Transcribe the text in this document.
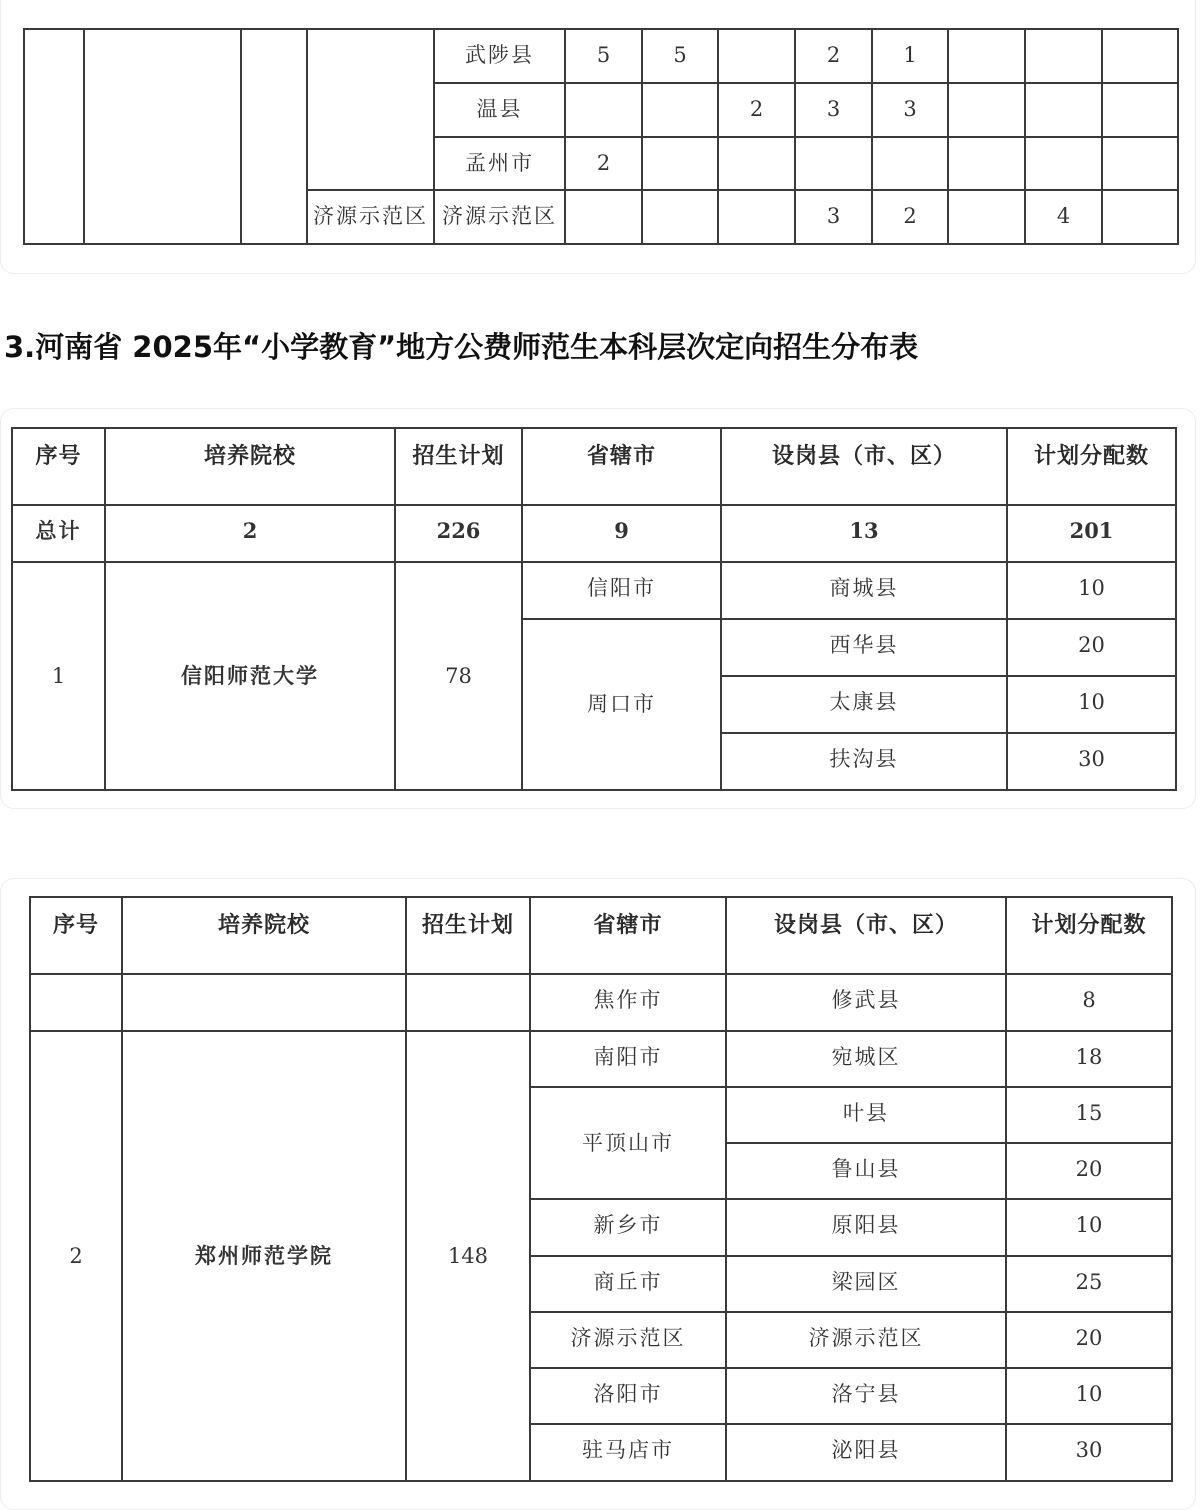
				武陟县	5	5		2	1			

				温县			2	3	3			

				孟州市	2							

			济源示范区	济源示范区				3	2		4	

3.河南省 2025年“小学教育”地方公费师范生本科层次定向招生分布表
序号	培养院校	招生计划	省辖市	设岗县（市、区）	计划分配数

总计	2	226	9	13	201

1	信阳师范大学	78	信阳市	商城县	10

			周口市	西华县	20

				太康县	10

				扶沟县	30
序号	培养院校	招生计划	省辖市	设岗县（市、区）	计划分配数

			焦作市	修武县	8

2	郑州师范学院	148	南阳市	宛城区	18

			平顶山市	叶县	15

				鲁山县	20

			新乡市	原阳县	10

			商丘市	梁园区	25

			济源示范区	济源示范区	20

			洛阳市	洛宁县	10

			驻马店市	泌阳县	30
